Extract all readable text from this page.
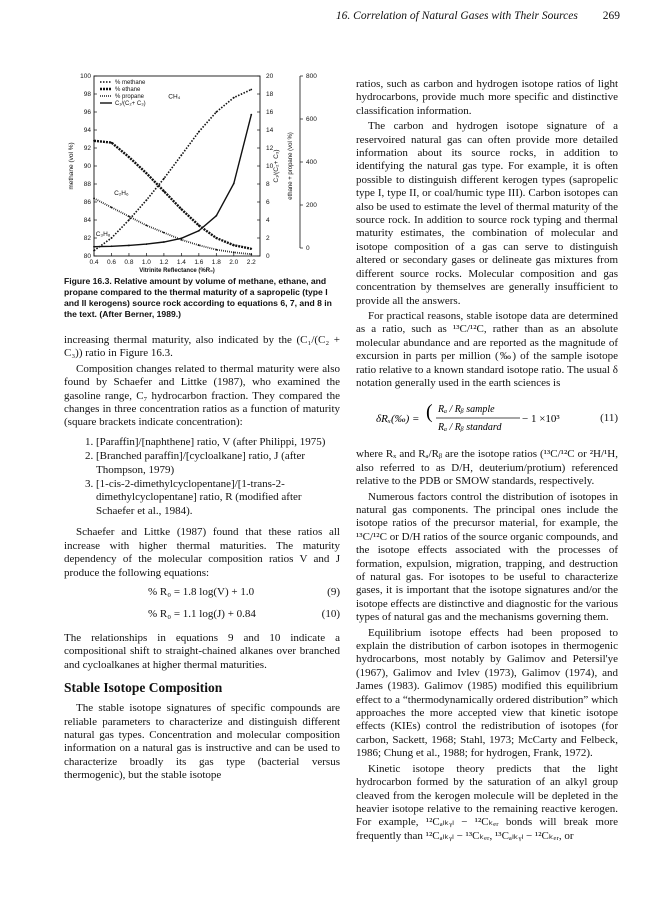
16. Correlation of Natural Gases with Their Sources 269
0.4 0.6 0.8 1.0 1.2 1.4 1.6 1.8 2.0 2.2
Vitrinite Reflectance (%R₀)
80
82
84
86
88
90
92
94
96
98
100
methane (vol %)
0
2
4
6
8
10
12
14
16
18
20
ethane + propane (vol %)
0
200
400
600
800
C₁/(C₂+ C₃)
CH₄
C₂H₆
C₃H₈
% methane
% ethane
% propane
C₁/(C₂+ C₃)

Figure 16.3. Relative amount by volume of methane, ethane, and propane compared to the thermal maturity of a sapropelic (type I and II kerogens) source rock according to equations 6, 7, and 8 in the text. (After Berner, 1989.)

increasing thermal maturity, also indicated by the (C₁/(C₂ + C₃)) ratio in Figure 16.3.

Composition changes related to thermal maturity were also found by Schaefer and Littke (1987), who examined the gasoline range, C₇ hydrocarbon fraction. They compared the changes in three concentration ratios as a function of maturity (square brackets indicate concentration):

1. [Paraffin]/[naphthene] ratio, V (after Philippi, 1975)
2. [Branched paraffin]/[cycloalkane] ratio, J (after Thompson, 1979)
3. [1-cis-2-dimethylcyclopentane]/[1-trans-2-dimethylcyclopentane] ratio, R (modified after Schaefer et al., 1984).

Schaefer and Littke (1987) found that these ratios all increase with higher thermal maturities. The maturity dependency of the molecular composition ratios V and J produce the following equations:

% R₀ = 1.8 log(V) + 1.0	(9)
% R₀ = 1.1 log(J) + 0.84	(10)

The relationships in equations 9 and 10 indicate a compositional shift to straight-chained alkanes over branched and cycloalkanes at higher thermal maturities.

Stable Isotope Composition

The stable isotope signatures of specific compounds are reliable parameters to characterize and distinguish different natural gas types. Concentration and molecular composition information on a natural gas is instructive and can be used to characterize broadly its gas type (bacterial versus thermogenic), but the stable isotope

ratios, such as carbon and hydrogen isotope ratios of light hydrocarbons, provide much more specific and distinctive classification information.

The carbon and hydrogen isotope signature of a reservoired natural gas can often provide more detailed information about its source rocks, in addition to identifying the natural gas type. For example, it is often possible to distinguish different kerogen types (sapropelic type I, type II, or coal/humic type III). Carbon isotopes can also be used to estimate the level of thermal maturity of the source rock. In addition to source rock typing and thermal maturity estimates, the combination of molecular and isotope composition of a gas can serve to distinguish altered or secondary gases or delineate gas mixtures from different source rocks. Molecular composition and gas concentration by themselves are generally insufficient to provide all the answers.

For practical reasons, stable isotope data are determined as a ratio, such as ¹³C/¹²C, rather than as an absolute molecular abundance and are reported as the magnitude of excursion in parts per million (‰) of the sample isotope ratio relative to a known standard isotope ratio. The usual δ notation generally used in the earth sciences is

δRₓ(‰) = ( Rₐ / Rᵦ sample
Rₐ / Rᵦ standard
− 1 ×10³	(11)

where Rₓ and Rₐ/Rᵦ are the isotope ratios (¹³C/¹²C or ²H/¹H, also referred to as D/H, deuterium/protium) referenced relative to the PDB or SMOW standards, respectively.

Numerous factors control the distribution of isotopes in natural gas components. The principal ones include the isotope ratios of the precursor material, for example, the ¹³C/¹²C or D/H ratios of the source organic compounds, and the isotope effects associated with the processes of formation, expulsion, migration, trapping, and destruction of natural gas. For isotopes to be useful to characterize gases, it is important that the isotope signatures and/or the isotope effects are distinctive and diagnostic for the various types of natural gas and the mechanisms governing them.

Equilibrium isotope effects had been proposed to explain the distribution of carbon isotopes in thermogenic hydrocarbons, most notably by Galimov and Petersil'ye (1967), Galimov and Ivlev (1973), Galimov (1974), and James (1983). Galimov (1985) modified this equilibrium effect to a “thermodynamically ordered distribution” which approaches the more accepted view that kinetic isotope effects (KIEs) control the redistribution of isotopes (for carbon, Sackett, 1968; Stahl, 1973; McCarty and Felbeck, 1986; Chung et al., 1988; for hydrogen, Frank, 1972).

Kinetic isotope theory predicts that the light hydrocarbon formed by the saturation of an alkyl group cleaved from the kerogen molecule will be depleted in the heavier isotope relative to the remaining reactive kerogen. For example, ¹²Cₐₗₖᵧₗ − ¹²Cₖₑᵣ bonds will break more frequently than ¹²Cₐₗₖᵧₗ − ¹³Cₖₑᵣ, ¹³Cₐₗₖᵧₗ − ¹²Cₖₑᵣ, or
